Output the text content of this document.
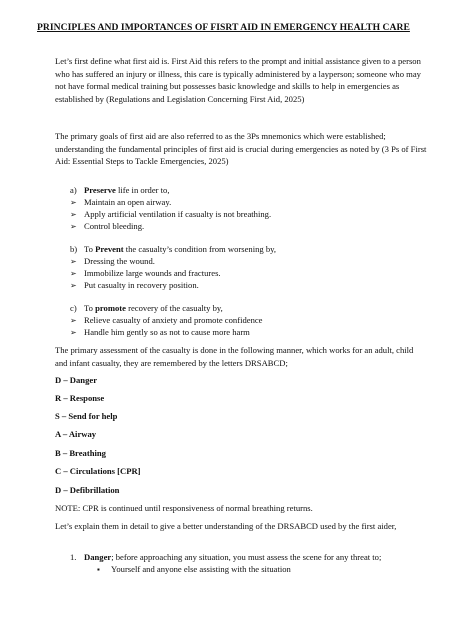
PRINCIPLES AND IMPORTANCES OF FISRT AID IN EMERGENCY HEALTH CARE
Let’s first define what first aid is. First Aid this refers to the prompt and initial assistance given to a person who has suffered an injury or illness, this care is typically administered by a layperson; someone who may not have formal medical training but possesses basic knowledge and skills to help in emergencies as established by (Regulations and Legislation Concerning First Aid, 2025)
The primary goals of first aid are also referred to as the 3Ps mnemonics which were established; understanding the fundamental principles of first aid is crucial during emergencies as noted by (3 Ps of First Aid: Essential Steps to Tackle Emergencies, 2025)
a) Preserve life in order to,
➢ Maintain an open airway.
➢ Apply artificial ventilation if casualty is not breathing.
➢ Control bleeding.
b) To Prevent the casualty’s condition from worsening by,
➢ Dressing the wound.
➢ Immobilize large wounds and fractures.
➢ Put casualty in recovery position.
c) To promote recovery of the casualty by,
➢ Relieve casualty of anxiety and promote confidence
➢ Handle him gently so as not to cause more harm
The primary assessment of the casualty is done in the following manner, which works for an adult, child and infant casualty, they are remembered by the letters DRSABCD;
D – Danger
R – Response
S – Send for help
A – Airway
B – Breathing
C – Circulations [CPR]
D – Defibrillation
NOTE: CPR is continued until responsiveness of normal breathing returns.
Let’s explain them in detail to give a better understanding of the DRSABCD used by the first aider,
1. Danger; before approaching any situation, you must assess the scene for any threat to;
▪ Yourself and anyone else assisting with the situation
